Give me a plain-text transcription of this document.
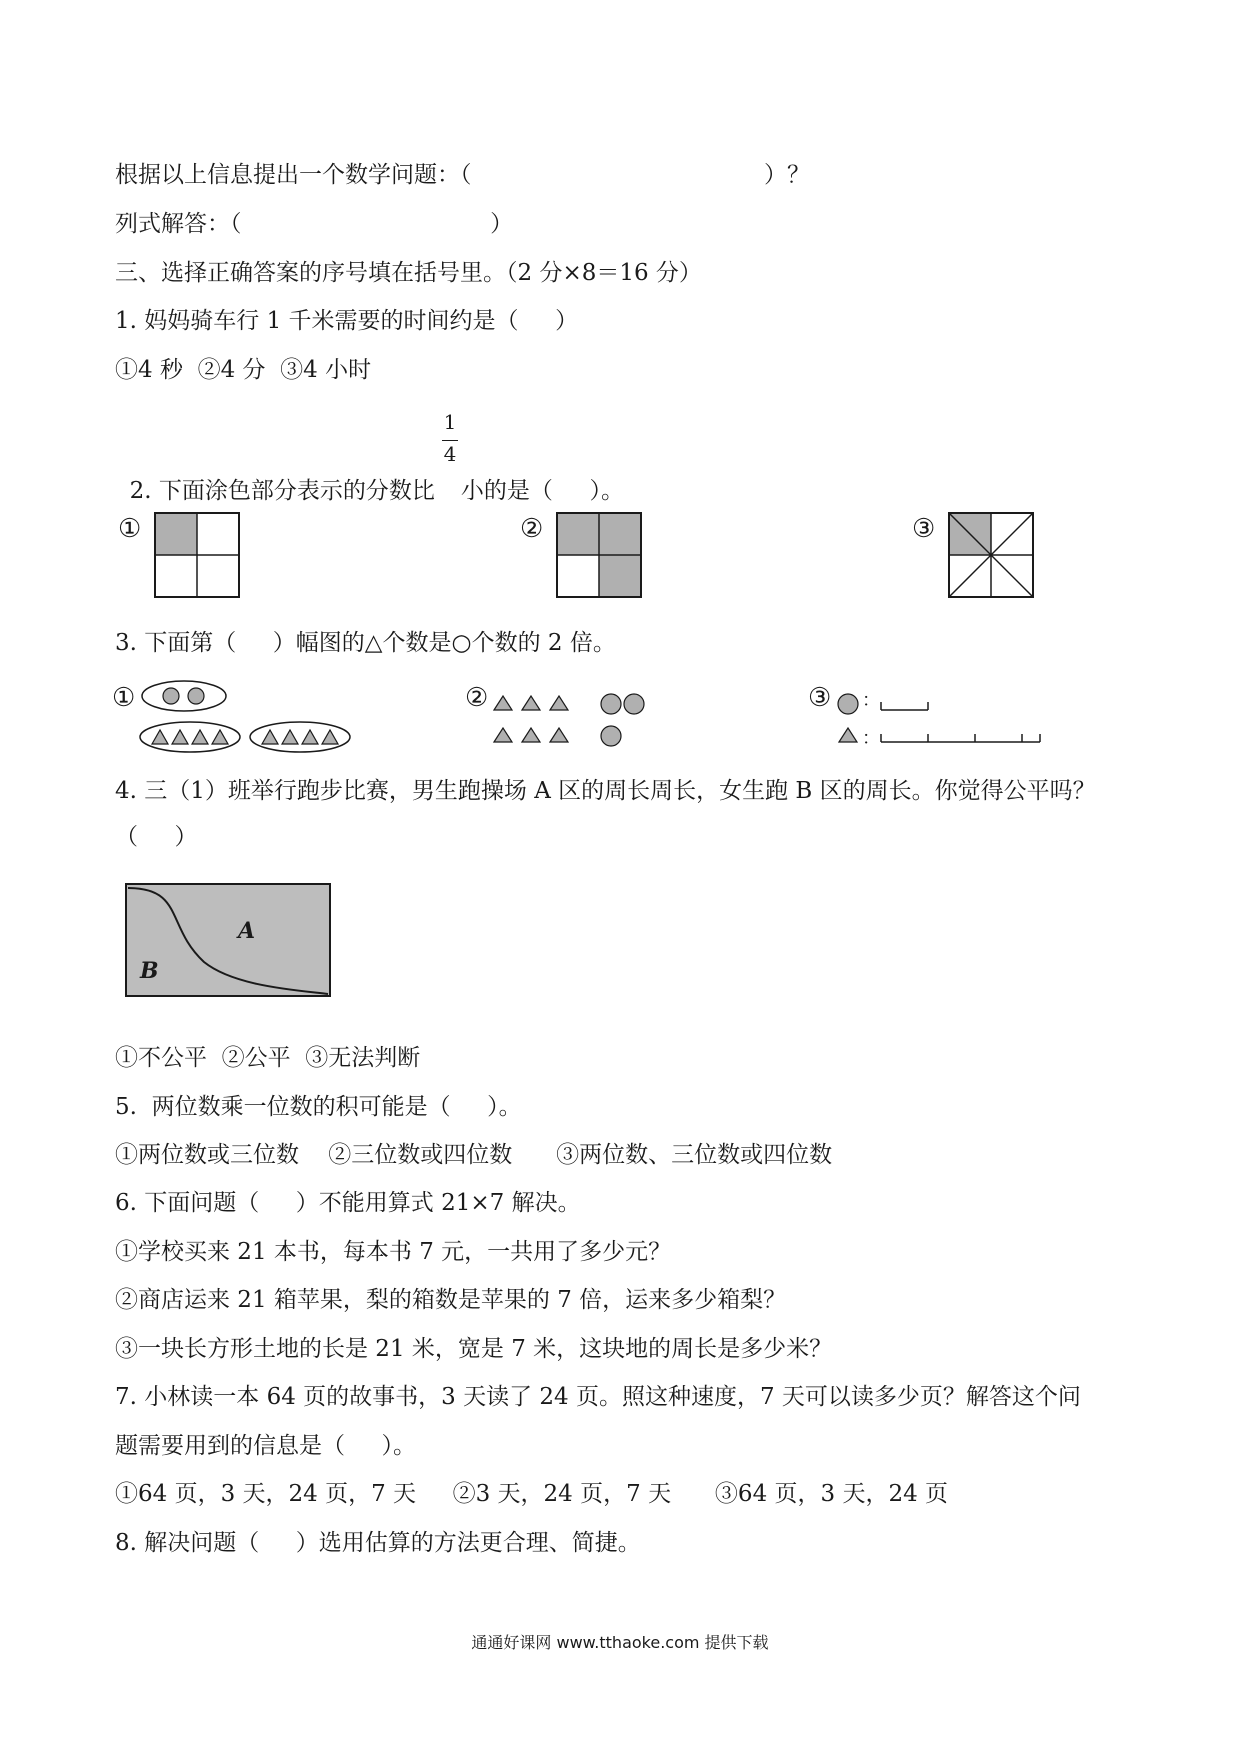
根据以上信息提出一个数学问题：（                                        ）？
列式解答：（                                  ）
三、选择正确答案的序号填在括号里。（2 分×8＝16 分）
1. 妈妈骑车行 1 千米需要的时间约是（     ）
①4 秒  ②4 分  ③4 小时

2. 下面涂色部分表示的分数比 小的是（     ）。

1
4
①	②	③
3. 下面第（     ）幅图的△个数是○个数的 2 倍。
①	②	③ ：
：
4. 三（1）班举行跑步比赛，男生跑操场 A 区的周长周长，女生跑 B 区的周长。你觉得公平吗？
（     ）
A
B
①不公平  ②公平  ③无法判断
5.  两位数乘一位数的积可能是（     ）。
①两位数或三位数    ②三位数或四位数      ③两位数、三位数或四位数
6. 下面问题（     ）不能用算式 21×7 解决。
①学校买来 21 本书，每本书 7 元，一共用了多少元？
②商店运来 21 箱苹果，梨的箱数是苹果的 7 倍，运来多少箱梨？
③一块长方形土地的长是 21 米，宽是 7 米，这块地的周长是多少米？
7. 小林读一本 64 页的故事书，3 天读了 24 页。照这种速度，7 天可以读多少页？解答这个问
题需要用到的信息是（     ）。
①64 页，3 天，24 页，7 天     ②3 天，24 页，7 天      ③64 页，3 天，24 页
8. 解决问题（     ）选用估算的方法更合理、简捷。
通通好课网 www.tthaoke.com 提供下载
